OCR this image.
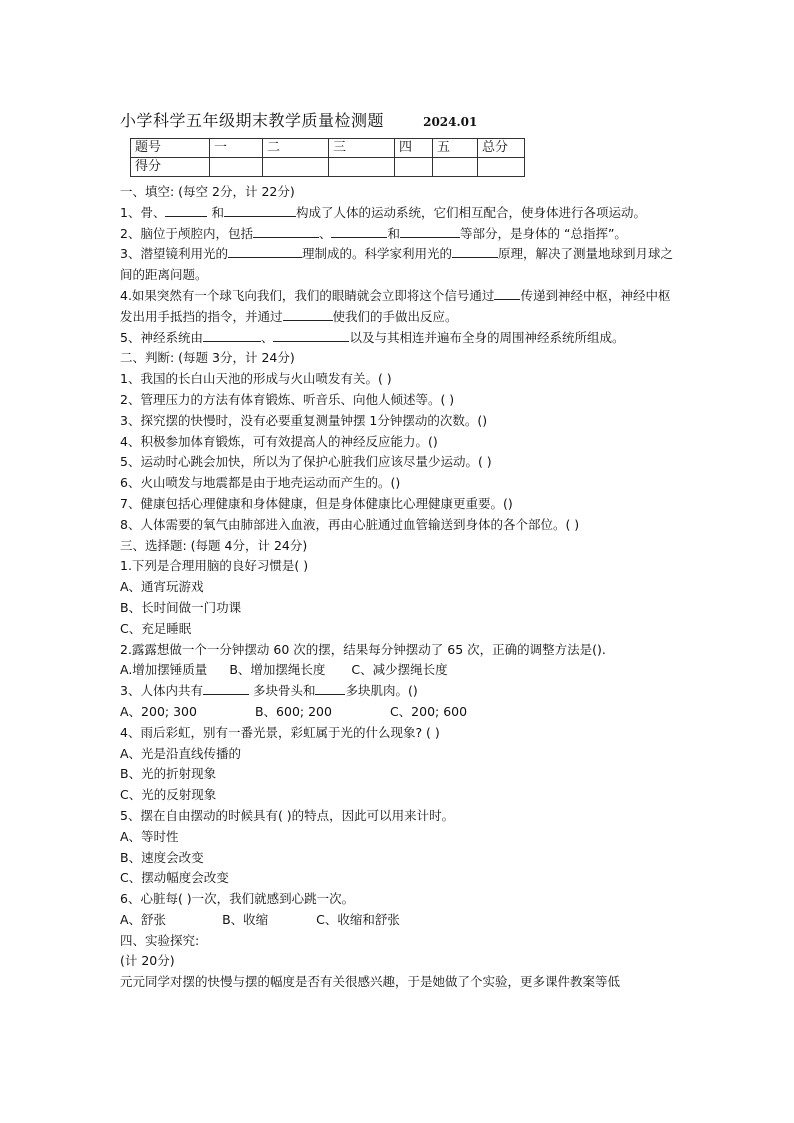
小学科学五年级期末教学质量检测题	2024.01
题号	一	二	三	四	五	总分
得分						

一、填空: (每空 2分，计 22分)

1、骨、	和	构成了人体的运动系统，它们相互配合，使身体进行各项运动。

2、脑位于颅腔内，包括	、	和	等部分，是身体的 “总指挥”。

3、潜望镜利用光的	理制成的。科学家利用光的	原理，解决了测量地球到月球之间的距离问题。

4.如果突然有一个球飞向我们，我们的眼睛就会立即将这个信号通过 传递到神经中枢，神经中枢发出用手抵挡的指令，并通过	使我们的手做出反应。

5、神经系统由	、	以及与其相连并遍布全身的周围神经系统所组成。

二、判断: (每题 3分，计 24分)

1、我国的长白山天池的形成与火山喷发有关。( )

2、管理压力的方法有体育锻炼、听音乐、向他人倾述等。( )

3、探究摆的快慢时，没有必要重复测量钟摆 1分钟摆动的次数。()

4、积极参加体育锻炼，可有效提高人的神经反应能力。()

5、运动时心跳会加快，所以为了保护心脏我们应该尽量少运动。( )

6、火山喷发与地震都是由于地壳运动而产生的。()

7、健康包括心理健康和身体健康，但是身体健康比心理健康更重要。()

8、人体需要的氧气由肺部进入血液，再由心脏通过血管输送到身体的各个部位。( )

三、选择题: (每题 4分，计 24分)

1.下列是合理用脑的良好习惯是( )

A、通宵玩游戏

B、长时间做一门功课

C、充足睡眠

2.露露想做一个一分钟摆动 60 次的摆，结果每分钟摆动了 65 次，正确的调整方法是().

A.增加摆锤质量 B、增加摆绳长度 C、减少摆绳长度

3、人体内共有	多块骨头和 多块肌肉。()

A、200; 300	B、600; 200	C、200; 600

4、雨后彩虹，别有一番光景，彩虹属于光的什么现象? ( )

A、光是沿直线传播的

B、光的折射现象

C、光的反射现象

5、摆在自由摆动的时候具有( )的特点，因此可以用来计时。

A、等时性

B、速度会改变

C、摆动幅度会改变

6、心脏每( )一次，我们就感到心跳一次。

A、舒张	B、收缩	C、收缩和舒张

四、实验探究:

(计 20分)

元元同学对摆的快慢与摆的幅度是否有关很感兴趣，于是她做了个实验，更多课件教案等低
